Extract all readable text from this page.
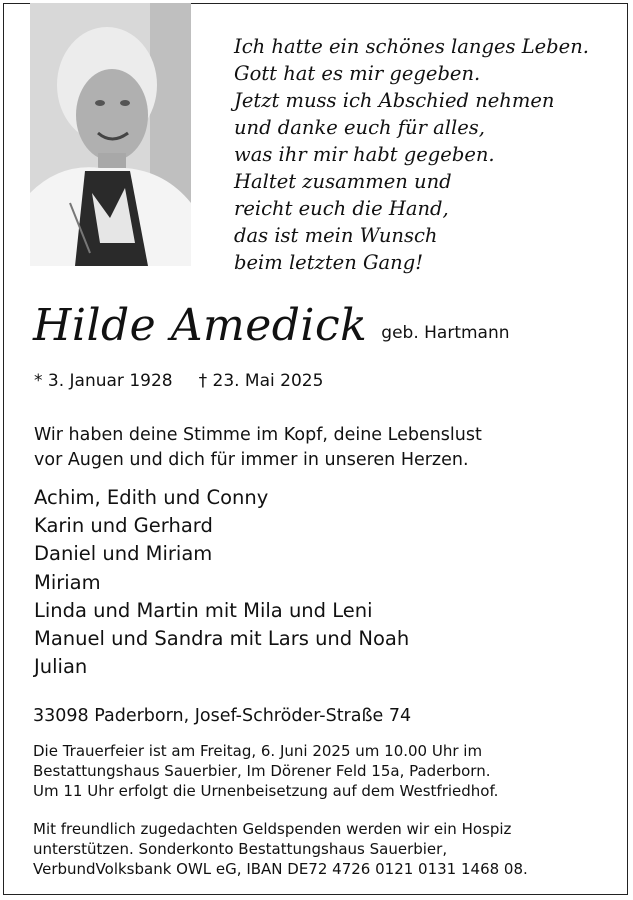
Ich hatte ein schönes langes Leben.
Gott hat es mir gegeben.
Jetzt muss ich Abschied nehmen
und danke euch für alles,
was ihr mir habt gegeben.
Haltet zusammen und
reicht euch die Hand,
das ist mein Wunsch
beim letzten Gang!
Hilde Amedick geb. Hartmann
* 3. Januar 1928 † 23. Mai 2025
Wir haben deine Stimme im Kopf, deine Lebenslust
vor Augen und dich für immer in unseren Herzen.
Achim, Edith und Conny
Karin und Gerhard
Daniel und Miriam
Miriam
Linda und Martin mit Mila und Leni
Manuel und Sandra mit Lars und Noah
Julian
33098 Paderborn, Josef-Schröder-Straße 74
Die Trauerfeier ist am Freitag, 6. Juni 2025 um 10.00 Uhr im
Bestattungshaus Sauerbier, Im Dörener Feld 15a, Paderborn.
Um 11 Uhr erfolgt die Urnenbeisetzung auf dem Westfriedhof.
Mit freundlich zugedachten Geldspenden werden wir ein Hospiz
unterstützen. Sonderkonto Bestattungshaus Sauerbier,
VerbundVolksbank OWL eG, IBAN DE72 4726 0121 0131 1468 08.
